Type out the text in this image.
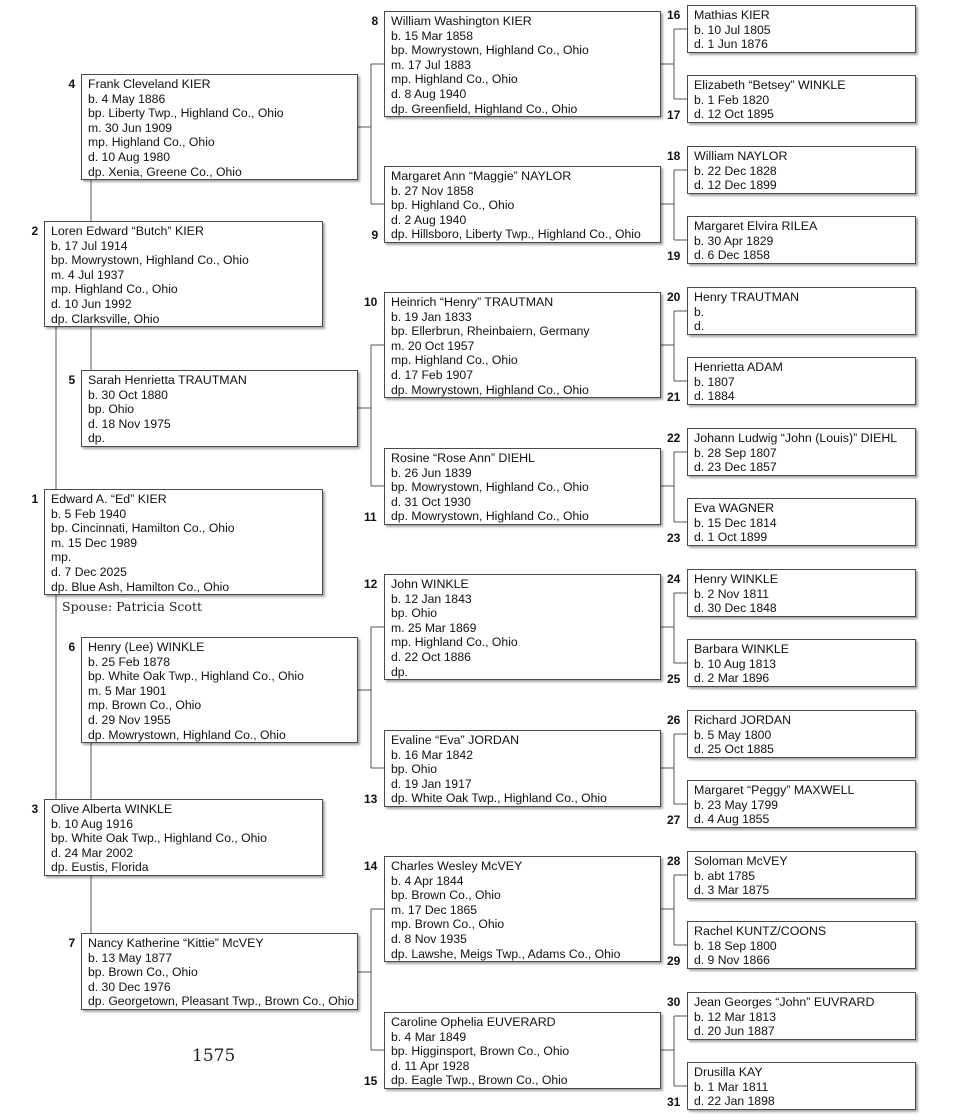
Spouse: Patricia Scott
1575
Edward A. “Ed” KIER
b. 5 Feb 1940
bp. Cincinnati, Hamilton Co., Ohio
m. 15 Dec 1989
mp.
d. 7 Dec 2025
dp. Blue Ash, Hamilton Co., Ohio
1
Loren Edward “Butch” KIER
b. 17 Jul 1914
bp. Mowrystown, Highland Co., Ohio
m. 4 Jul 1937
mp. Highland Co., Ohio
d. 10 Jun 1992
dp. Clarksville, Ohio
2
Olive Alberta WINKLE
b. 10 Aug 1916
bp. White Oak Twp., Highland Co., Ohio
d. 24 Mar 2002
dp. Eustis, Florida
3
Frank Cleveland KIER
b. 4 May 1886
bp. Liberty Twp., Highland Co., Ohio
m. 30 Jun 1909
mp. Highland Co., Ohio
d. 10 Aug 1980
dp. Xenia, Greene Co., Ohio
4
Sarah Henrietta TRAUTMAN
b. 30 Oct 1880
bp. Ohio
d. 18 Nov 1975
dp.
5
Henry (Lee) WINKLE
b. 25 Feb 1878
bp. White Oak Twp., Highland Co., Ohio
m. 5 Mar 1901
mp. Brown Co., Ohio
d. 29 Nov 1955
dp. Mowrystown, Highland Co., Ohio
6
Nancy Katherine “Kittie” McVEY
b. 13 May 1877
bp. Brown Co., Ohio
d. 30 Dec 1976
dp. Georgetown, Pleasant Twp., Brown Co., Ohio
7
William Washington KIER
b. 15 Mar 1858
bp. Mowrystown, Highland Co., Ohio
m. 17 Jul 1883
mp. Highland Co., Ohio
d. 8 Aug 1940
dp. Greenfield, Highland Co., Ohio
8
Margaret Ann “Maggie” NAYLOR
b. 27 Nov 1858
bp. Highland Co., Ohio
d. 2 Aug 1940
dp. Hillsboro, Liberty Twp., Highland Co., Ohio
9
Heinrich “Henry” TRAUTMAN
b. 19 Jan 1833
bp. Ellerbrun, Rheinbaiern, Germany
m. 20 Oct 1957
mp. Highland Co., Ohio
d. 17 Feb 1907
dp. Mowrystown, Highland Co., Ohio
10
Rosine “Rose Ann” DIEHL
b. 26 Jun 1839
bp. Mowrystown, Highland Co., Ohio
d. 31 Oct 1930
dp. Mowrystown, Highland Co., Ohio
11
John WINKLE
b. 12 Jan 1843
bp. Ohio
m. 25 Mar 1869
mp. Highland Co., Ohio
d. 22 Oct 1886
dp.
12
Evaline “Eva” JORDAN
b. 16 Mar 1842
bp. Ohio
d. 19 Jan 1917
dp. White Oak Twp., Highland Co., Ohio
13
Charles Wesley McVEY
b. 4 Apr 1844
bp. Brown Co., Ohio
m. 17 Dec 1865
mp. Brown Co., Ohio
d. 8 Nov 1935
dp. Lawshe, Meigs Twp., Adams Co., Ohio
14
Caroline Ophelia EUVERARD
b. 4 Mar 1849
bp. Higginsport, Brown Co., Ohio
d. 11 Apr 1928
dp. Eagle Twp., Brown Co., Ohio
15
Mathias KIER
b. 10 Jul 1805
d. 1 Jun 1876
16
Elizabeth “Betsey” WINKLE
b. 1 Feb 1820
d. 12 Oct 1895
17
William NAYLOR
b. 22 Dec 1828
d. 12 Dec 1899
18
Margaret Elvira RILEA
b. 30 Apr 1829
d. 6 Dec 1858
19
Henry TRAUTMAN
b.
d.
20
Henrietta ADAM
b. 1807
d. 1884
21
Johann Ludwig “John (Louis)” DIEHL
b. 28 Sep 1807
d. 23 Dec 1857
22
Eva WAGNER
b. 15 Dec 1814
d. 1 Oct 1899
23
Henry WINKLE
b. 2 Nov 1811
d. 30 Dec 1848
24
Barbara WINKLE
b. 10 Aug 1813
d. 2 Mar 1896
25
Richard JORDAN
b. 5 May 1800
d. 25 Oct 1885
26
Margaret “Peggy” MAXWELL
b. 23 May 1799
d. 4 Aug 1855
27
Soloman McVEY
b. abt 1785
d. 3 Mar 1875
28
Rachel KUNTZ/COONS
b. 18 Sep 1800
d. 9 Nov 1866
29
Jean Georges “John” EUVRARD
b. 12 Mar 1813
d. 20 Jun 1887
30
Drusilla KAY
b. 1 Mar 1811
d. 22 Jan 1898
31
